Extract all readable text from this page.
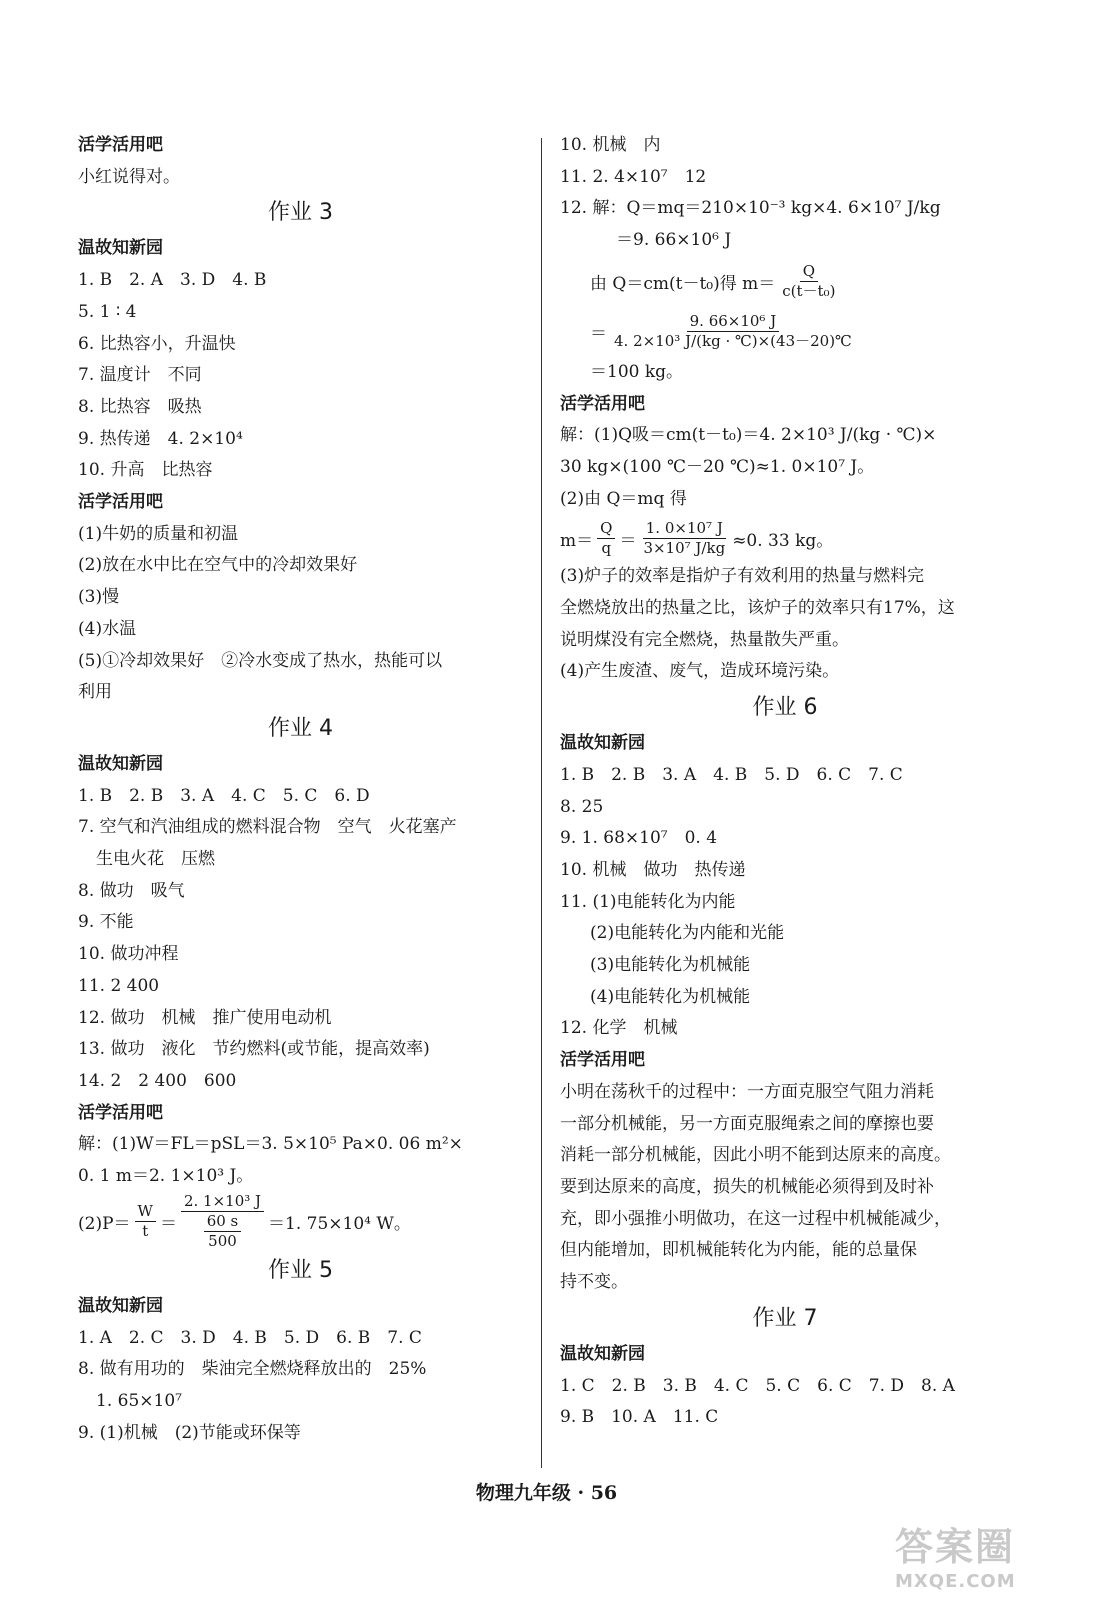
活学活用吧
小红说得对。
作业 3
温故知新园
1. B　2. A　3. D　4. B
5. 1 ∶ 4
6. 比热容小，升温快
7. 温度计　不同
8. 比热容　吸热
9. 热传递　4. 2×10⁴
10. 升高　比热容
活学活用吧
(1)牛奶的质量和初温
(2)放在水中比在空气中的冷却效果好
(3)慢
(4)水温
(5)①冷却效果好　②冷水变成了热水，热能可以
利用
作业 4
温故知新园
1. B　2. B　3. A　4. C　5. C　6. D
7. 空气和汽油组成的燃料混合物　空气　火花塞产
生电火花　压燃
8. 做功　吸气
9. 不能
10. 做功冲程
11. 2 400
12. 做功　机械　推广使用电动机
13. 做功　液化　节约燃料(或节能，提高效率)
14. 2　2 400　600
活学活用吧
解：(1)W＝FL＝pSL＝3. 5×10⁵ Pa×0. 06 m²×
0. 1 m＝2. 1×10³ J。
$(2)P= \frac{W}{t}$ ＝
2. 1×10³ J
60 s
500
＝1. 75×10⁴ W。
作业 5
温故知新园
1. A　2. C　3. D　4. B　5. D　6. B　7. C
8. 做有用功的　柴油完全燃烧释放出的　25%
1. 65×10⁷
9. (1)机械　(2)节能或环保等
10. 机械　内
11. 2. 4×10⁷　12
12. 解：Q＝mq＝210×10⁻³ kg×4. 6×10⁷ J/kg
＝9. 66×10⁶ J
由 Q＝cm(t－t₀)得 $m= \frac{Q}{\text{c(t－t₀)}}$
＝ $\frac{\text{9. 66×10⁶ J}}{\text{4. 2×10³ J/(kg · ℃)×(43－20)℃}}$
＝100 kg。
活学活用吧
解：(1)Q吸＝cm(t－t₀)＝4. 2×10³ J/(kg · ℃)×
30 kg×(100 ℃－20 ℃)≈1. 0×10⁷ J。
(2)由 Q＝mq 得
$m= \frac{Q}{q} = \frac{\text{1. 0×10⁷ J}}{\text{3×10⁷ J/kg}} \approx 0$. 33 kg。
(3)炉子的效率是指炉子有效利用的热量与燃料完
全燃烧放出的热量之比，该炉子的效率只有17%，这
说明煤没有完全燃烧，热量散失严重。
(4)产生废渣、废气，造成环境污染。
作业 6
温故知新园
1. B　2. B　3. A　4. B　5. D　6. C　7. C
8. 25
9. 1. 68×10⁷　0. 4
10. 机械　做功　热传递
11. (1)电能转化为内能
(2)电能转化为内能和光能
(3)电能转化为机械能
(4)电能转化为机械能
12. 化学　机械
活学活用吧
小明在荡秋千的过程中：一方面克服空气阻力消耗
一部分机械能，另一方面克服绳索之间的摩擦也要
消耗一部分机械能，因此小明不能到达原来的高度。
要到达原来的高度，损失的机械能必须得到及时补
充，即小强推小明做功，在这一过程中机械能减少，
但内能增加，即机械能转化为内能，能的总量保
持不变。
作业 7
温故知新园
1. C　2. B　3. B　4. C　5. C　6. C　7. D　8. A
9. B　10. A　11. C
物理九年级 · 56
答案圈
MXQE.COM
